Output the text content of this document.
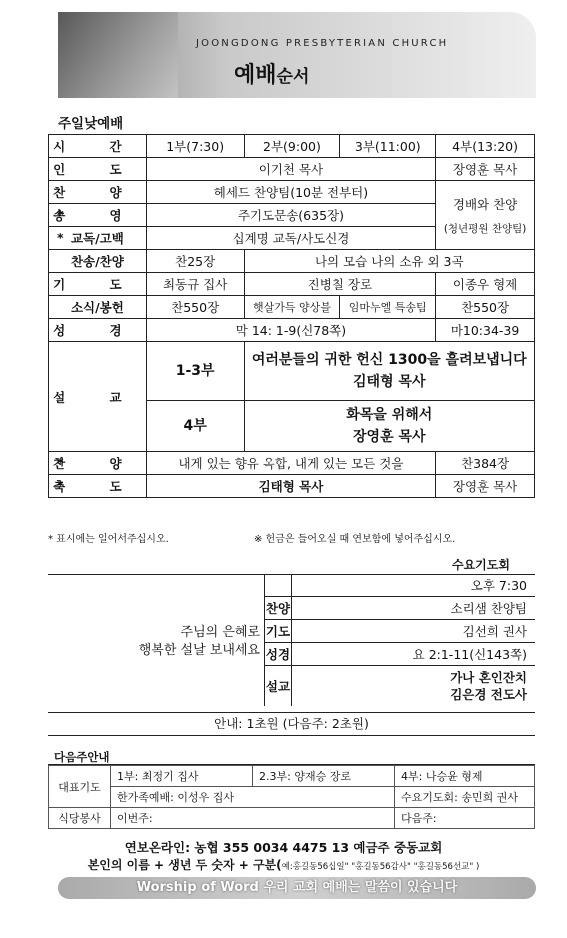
JOONGDONG PRESBYTERIAN CHURCH
예배순서
주일낮예배
시 간	1부(7:30)	2부(9:00)	3부(11:00)	4부(13:20)
인 도	이기천 목사			장영훈 목사
찬 양	헤세드 찬양팀(10분 전부터)			경배와 찬양
(청년평원 찬양팀)

* 송 영	주기도문송(635장)			
* 교독/고백	십계명 교독/사도신경			
찬송/찬양	찬25장	나의 모습 나의 소유 외 3곡		
기 도	최동규 집사	진병칠 장로		이종우 형제
소식/봉헌	찬550장	햇살가득 양상블	임마누엘 특송팀	찬550장
성 경	막 14: 1-9(신78쪽)			마10:34-39
설 교	1-3부	여러분들의 귀한 헌신 1300을 흘려보냅니다
김태형 목사		

	4부	화목을 위해서
장영훈 목사		

* 찬 양	내게 있는 향유 옥합, 내게 있는 모든 것을			찬384장
* 축 도	김태형 목사			장영훈 목사
* 표시에는 일어서주십시오.	※ 헌금은 들어오실 때 연보함에 넣어주십시오.
수요기도회
	오후 7:30
찬양	소리샘 찬양팀
기도	김선희 권사
성경	요 2:1-11(신143쪽)
설교	가나 혼인잔치
김은경 전도사
주님의 은혜로
행복한 설날 보내세요
안내: 1초원 (다음주: 2초원)
다음주안내
대표기도	1부: 최정기 집사	2.3부: 양재승 장로	4부: 나승윤 형제
	한가족예배: 이성우 집사		수요기도회: 송민희 권사
식당봉사	이번주:		다음주:
연보온라인: 농협 355 0034 4475 13 예금주 중동교회
본인의 이름 + 생년 두 숫자 + 구분(예:홍길동56십일" "홍길동56감사" "홍길동56선교" )
Worship of Word 우리 교회 예배는 말씀이 있습니다
